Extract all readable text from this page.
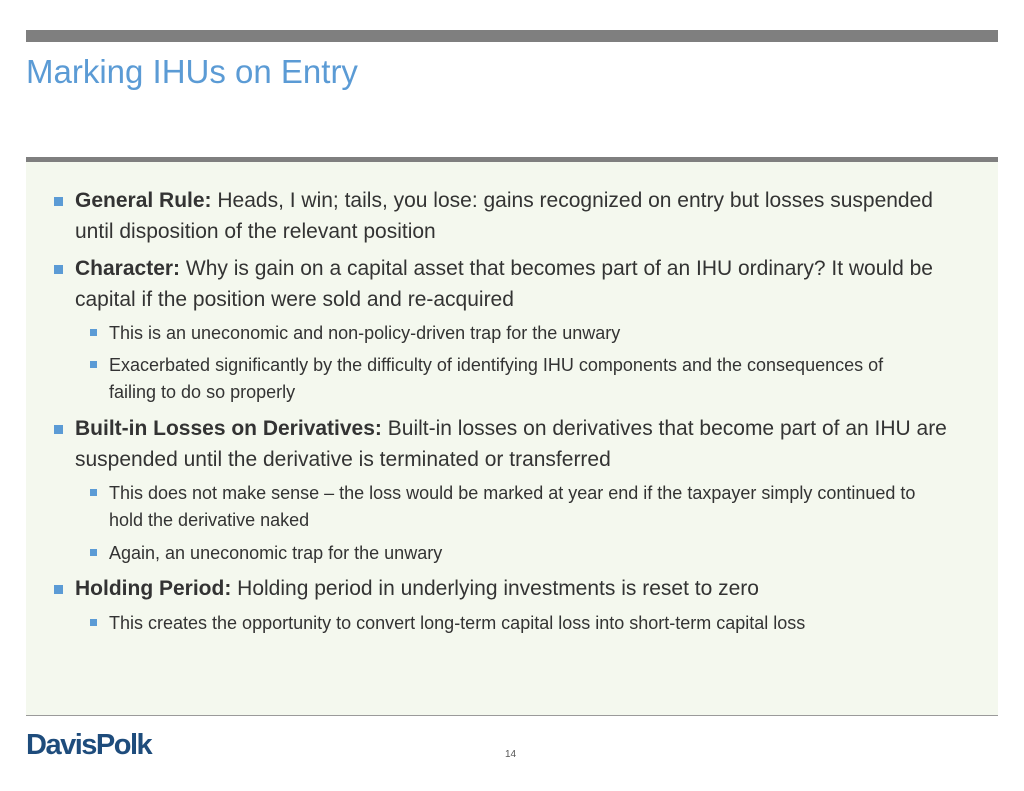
Marking IHUs on Entry
General Rule: Heads, I win; tails, you lose: gains recognized on entry but losses suspended until disposition of the relevant position
Character: Why is gain on a capital asset that becomes part of an IHU ordinary? It would be capital if the position were sold and re-acquired
This is an uneconomic and non-policy-driven trap for the unwary
Exacerbated significantly by the difficulty of identifying IHU components and the consequences of failing to do so properly
Built-in Losses on Derivatives: Built-in losses on derivatives that become part of an IHU are suspended until the derivative is terminated or transferred
This does not make sense – the loss would be marked at year end if the taxpayer simply continued to hold the derivative naked
Again, an uneconomic trap for the unwary
Holding Period: Holding period in underlying investments is reset to zero
This creates the opportunity to convert long-term capital loss into short-term capital loss
DavisPolk	14
